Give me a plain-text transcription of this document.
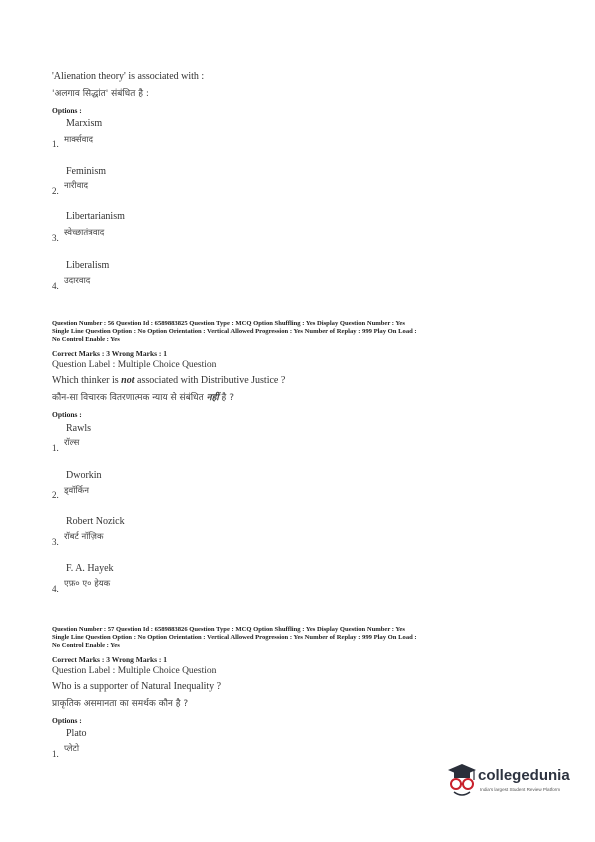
'Alienation theory' is associated with :
'अलगाव सिद्धांत' संबंधित है :
Options :
Marxism
1. मार्क्सवाद
Feminism
2. नारीवाद
Libertarianism
3. स्वेच्छातंत्रवाद
Liberalism
4. उदारवाद
Question Number : 56 Question Id : 6589883825 Question Type : MCQ Option Shuffling : Yes Display Question Number : Yes
Single Line Question Option : No Option Orientation : Vertical Allowed Progression : Yes Number of Replay : 999 Play On Load :
No Control Enable : Yes
Correct Marks : 3 Wrong Marks : 1
Question Label : Multiple Choice Question
Which thinker is not associated with Distributive Justice ?
कौन-सा विचारक वितरणात्मक न्याय से संबंधित नहीं है ?
Options :
Rawls
1. रॉल्स
Dworkin
2. ड्वॉर्किन
Robert Nozick
3. रॉबर्ट नॉज़िक
F. A. Hayek
4. एफ़० ए० हेयक
Question Number : 57 Question Id : 6589883826 Question Type : MCQ Option Shuffling : Yes Display Question Number : Yes
Single Line Question Option : No Option Orientation : Vertical Allowed Progression : Yes Number of Replay : 999 Play On Load :
No Control Enable : Yes
Correct Marks : 3 Wrong Marks : 1
Question Label : Multiple Choice Question
Who is a supporter of Natural Inequality ?
प्राकृतिक असमानता का समर्थक कौन है ?
Options :
Plato
1. प्लेटो
collegedunia
India's largest Student Review Platform
